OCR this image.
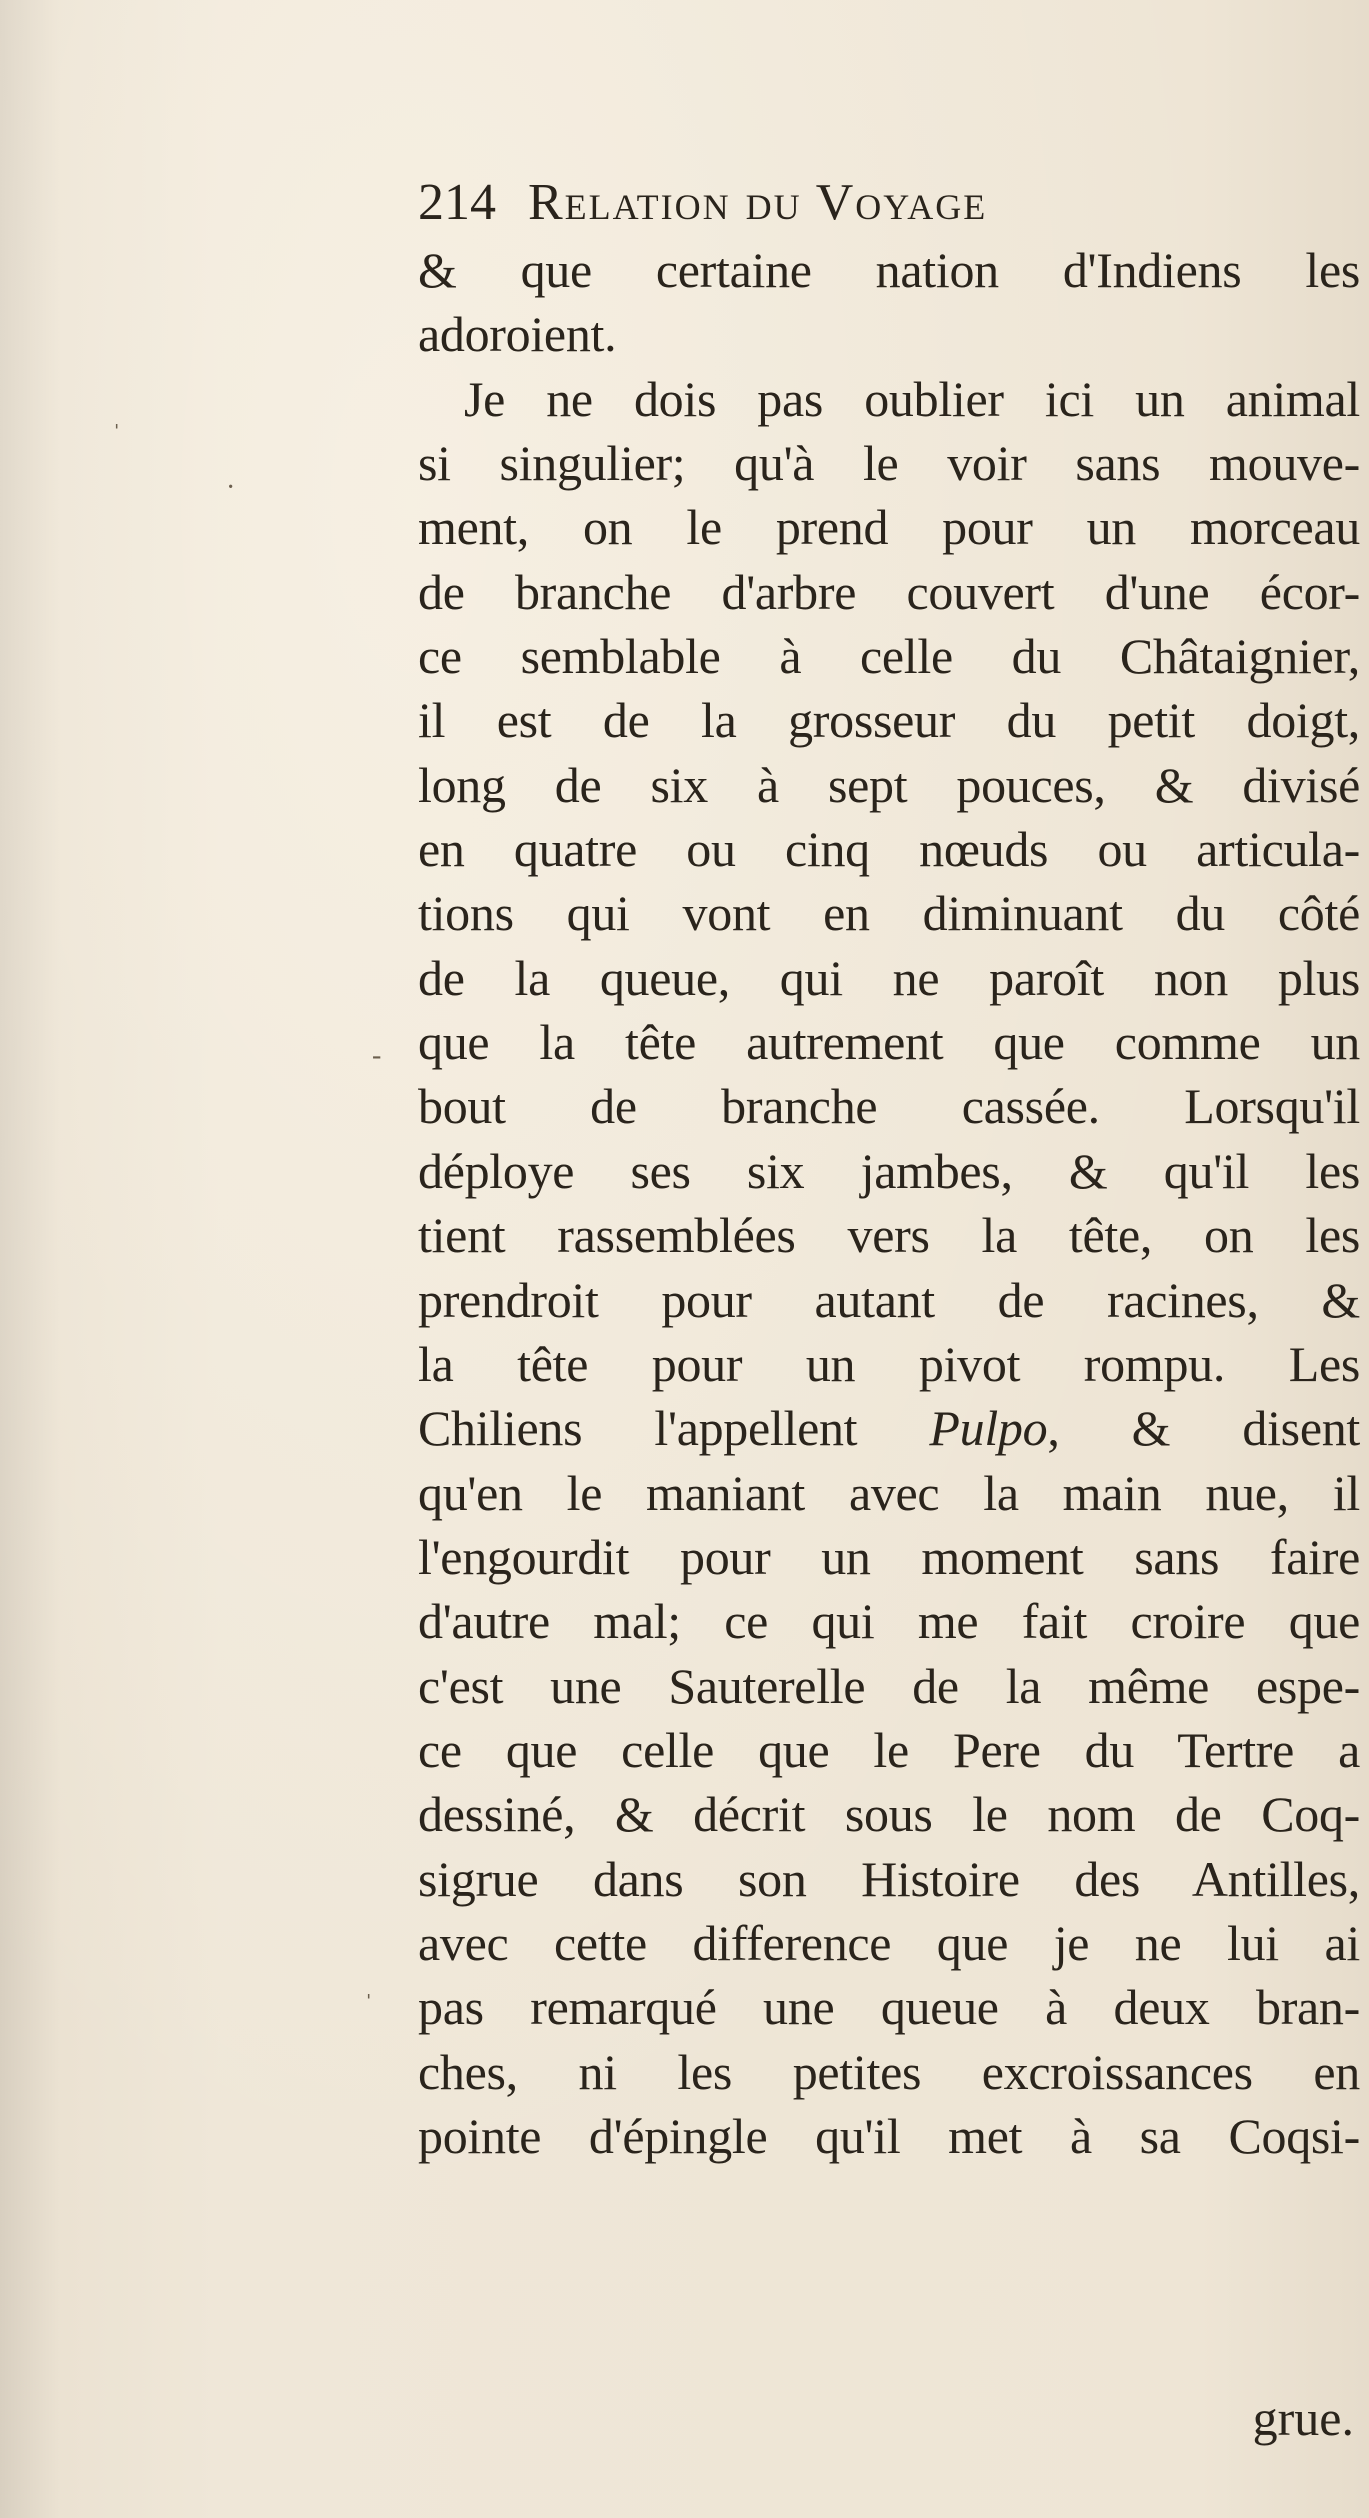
ˈ
·
-
ˈ
214 Relation du Voyage
& que certaine nation d'Indiens les
adoroient.
Je ne dois pas oublier ici un animal
si singulier; qu'à le voir sans mouve-
ment, on le prend pour un morceau
de branche d'arbre couvert d'une écor-
ce semblable à celle du Châtaignier,
il est de la grosseur du petit doigt,
long de six à sept pouces, & divisé
en quatre ou cinq nœuds ou articula-
tions qui vont en diminuant du côté
de la queue, qui ne paroît non plus
que la tête autrement que comme un
bout de branche cassée. Lorsqu'il
déploye ses six jambes, & qu'il les
tient rassemblées vers la tête, on les
prendroit pour autant de racines, &
la tête pour un pivot rompu. Les
Chiliens l'appellent Pulpo, & disent
qu'en le maniant avec la main nue, il
l'engourdit pour un moment sans faire
d'autre mal; ce qui me fait croire que
c'est une Sauterelle de la même espe-
ce que celle que le Pere du Tertre a
dessiné, & décrit sous le nom de Coq-
sigrue dans son Histoire des Antilles,
avec cette difference que je ne lui ai
pas remarqué une queue à deux bran-
ches, ni les petites excroissances en
pointe d'épingle qu'il met à sa Coqsi-
grue.
